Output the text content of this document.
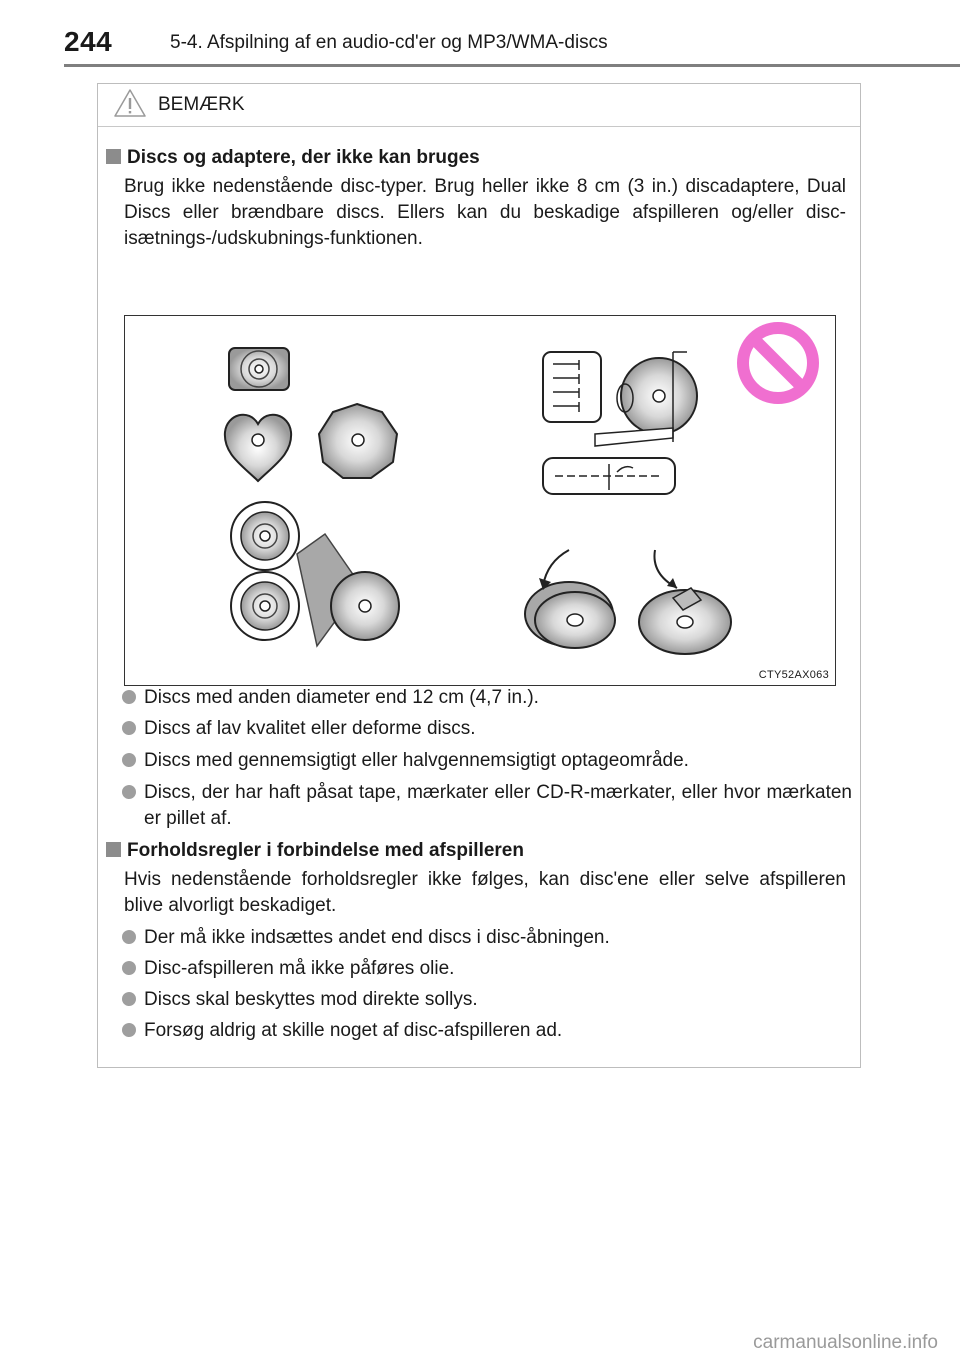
244	5-4. Afspilning af en audio-cd'er og MP3/WMA-discs
BEMÆRK
Discs og adaptere, der ikke kan bruges
Brug ikke nedenstående disc-typer. Brug heller ikke 8 cm (3 in.) discadaptere, Dual Discs eller brændbare discs. Ellers kan du beskadige afspilleren og/eller disc-isætnings-/udskubnings-funktionen.
CTY52AX063
Discs med anden diameter end 12 cm (4,7 in.).
Discs af lav kvalitet eller deforme discs.
Discs med gennemsigtigt eller halvgennemsigtigt optageområde.
Discs, der har haft påsat tape, mærkater eller CD-R-mærkater, eller hvor mærkaten er pillet af.
Forholdsregler i forbindelse med afspilleren
Hvis nedenstående forholdsregler ikke følges, kan disc'ene eller selve afspilleren blive alvorligt beskadiget.
Der må ikke indsættes andet end discs i disc-åbningen.
Disc-afspilleren må ikke påføres olie.
Discs skal beskyttes mod direkte sollys.
Forsøg aldrig at skille noget af disc-afspilleren ad.
carmanualsonline.info
